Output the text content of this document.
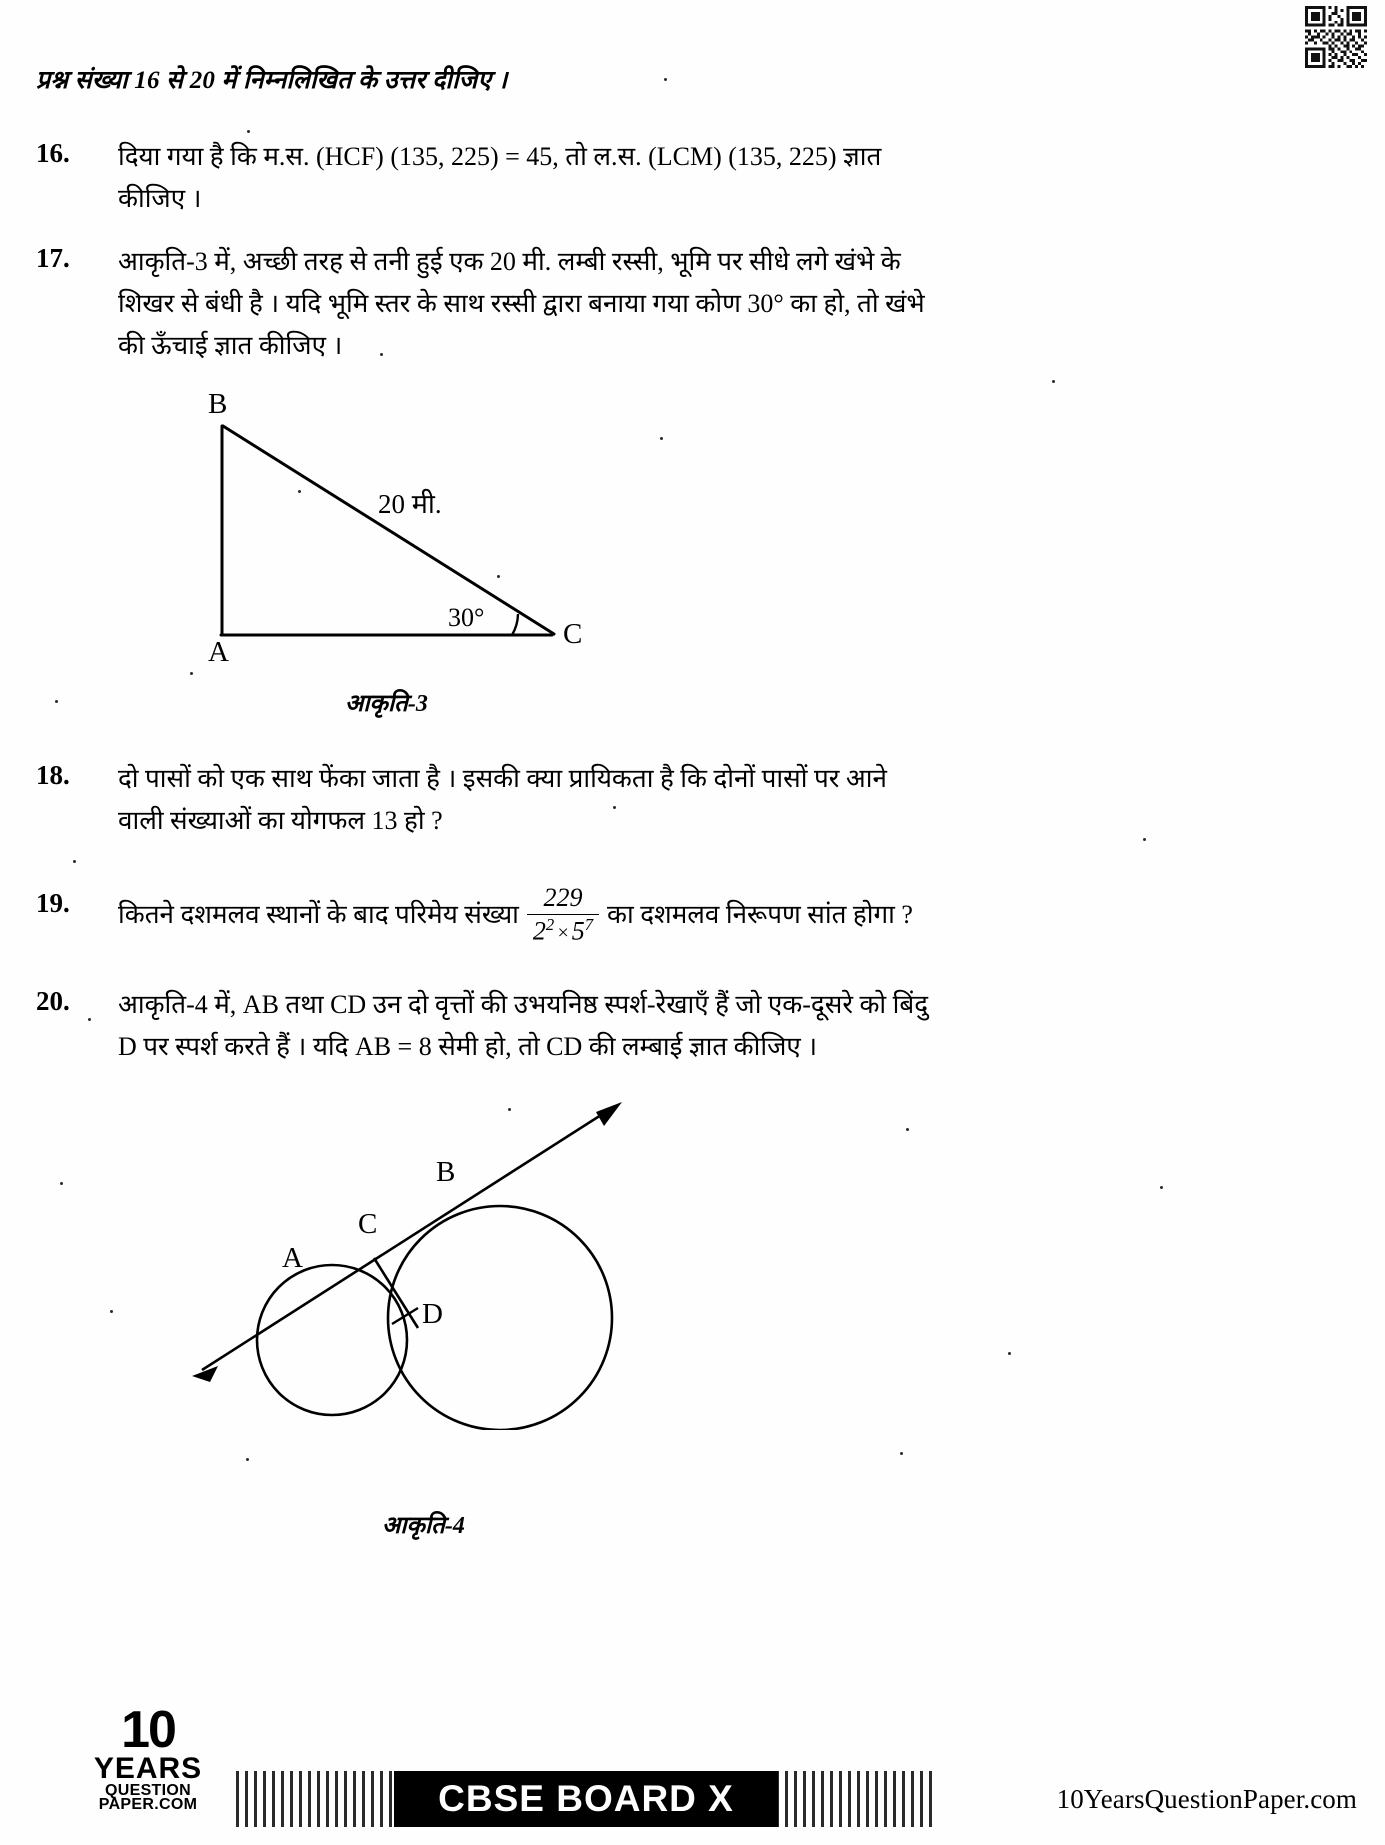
प्रश्न संख्या 16 से 20 में निम्नलिखित के उत्तर दीजिए ।
16. दिया गया है कि म.स. (HCF) (135, 225) = 45, तो ल.स. (LCM) (135, 225) ज्ञात
कीजिए ।
17. आकृति-3 में, अच्छी तरह से तनी हुई एक 20 मी. लम्बी रस्सी, भूमि पर सीधे लगे खंभे के
शिखर से बंधी है । यदि भूमि स्तर के साथ रस्सी द्वारा बनाया गया कोण 30° का हो, तो खंभे
की ऊँचाई ज्ञात कीजिए ।
B
A
C
20 मी.
30°
आकृति-3
18. दो पासों को एक साथ फेंका जाता है । इसकी क्या प्रायिकता है कि दोनों पासों पर आने
वाली संख्याओं का योगफल 13 हो ?
19. कितने दशमलव स्थानों के बाद परिमेय संख्या $\frac{229}{2^2 \times 5^7}$ का दशमलव निरूपण सांत होगा ?
20. आकृति-4 में, AB तथा CD उन दो वृत्तों की उभयनिष्ठ स्पर्श-रेखाएँ हैं जो एक-दूसरे को बिंदु
D पर स्पर्श करते हैं । यदि AB = 8 सेमी हो, तो CD की लम्बाई ज्ञात कीजिए ।
B
C
A
D
आकृति-4
10
YEARS
QUESTION PAPER.COM	CBSE BOARD X	10YearsQuestionPaper.com
